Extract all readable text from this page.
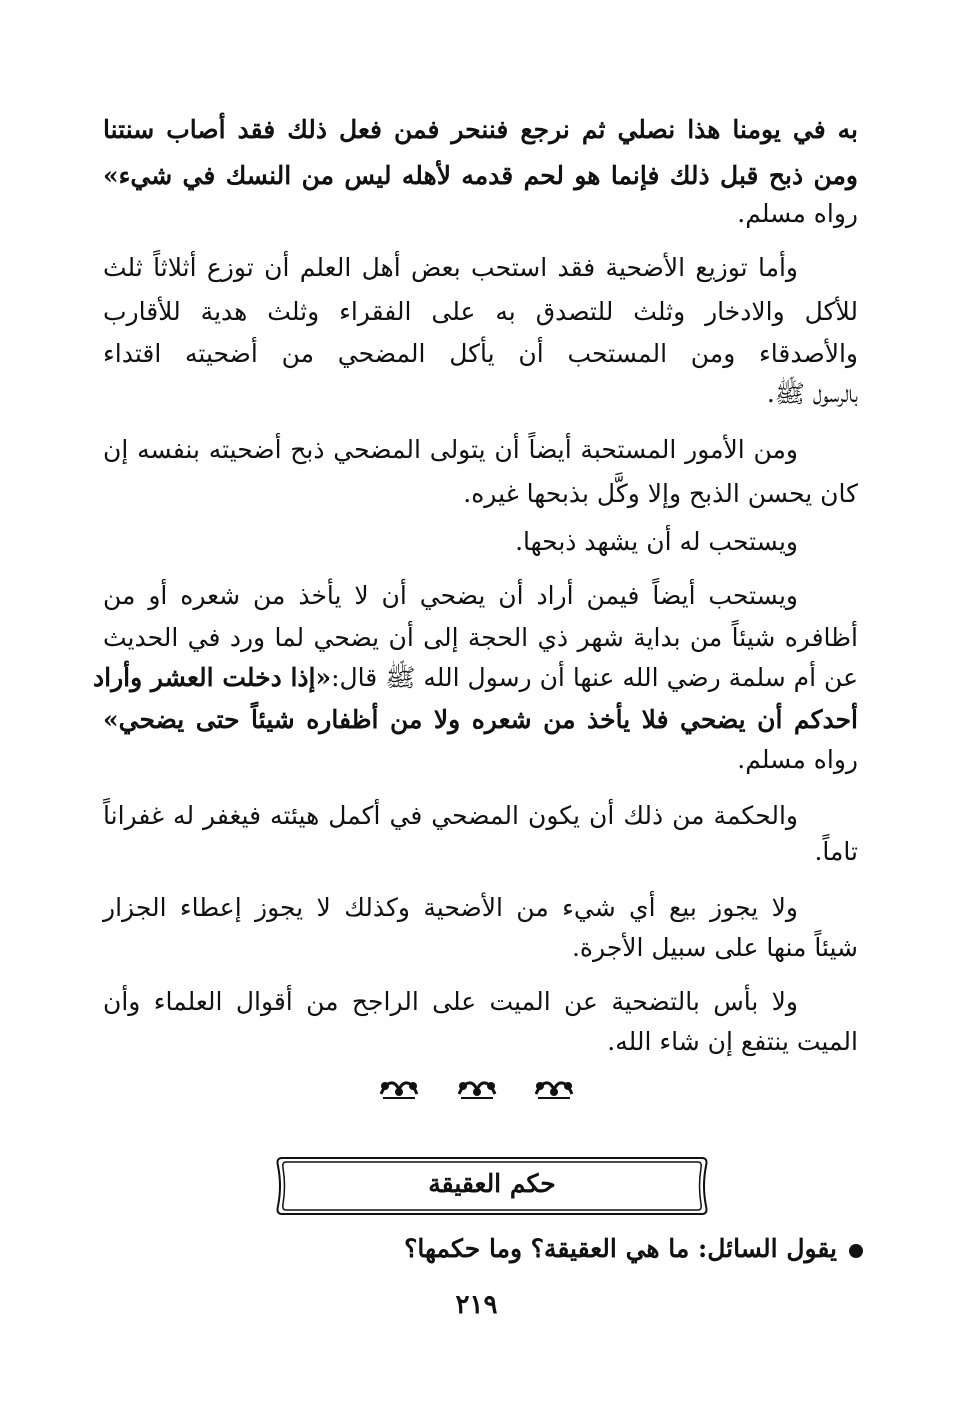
به في يومنا هذا نصلي ثم نرجع فننحر فمن فعل ذلك فقد أصاب سنتنا
ومن ذبح قبل ذلك فإنما هو لحم قدمه لأهله ليس من النسك في شيء»
رواه مسلم.
وأما توزيع الأضحية فقد استحب بعض أهل العلم أن توزع أثلاثاً ثلث
للأكل والادخار وثلث للتصدق به على الفقراء وثلث هدية للأقارب
والأصدقاء ومن المستحب أن يأكل المضحي من أضحيته اقتداء
بالرسول ﷺ.
ومن الأمور المستحبة أيضاً أن يتولى المضحي ذبح أضحيته بنفسه إن
كان يحسن الذبح وإلا وكَّل بذبحها غيره.
ويستحب له أن يشهد ذبحها.
ويستحب أيضاً فيمن أراد أن يضحي أن لا يأخذ من شعره أو من
أظافره شيئاً من بداية شهر ذي الحجة إلى أن يضحي لما ورد في الحديث
عن أم سلمة رضي الله عنها أن رسول الله ﷺ قال:
«إذا دخلت العشر وأراد
أحدكم أن يضحي فلا يأخذ من شعره ولا من أظفاره شيئاً حتى يضحي»
رواه مسلم.
والحكمة من ذلك أن يكون المضحي في أكمل هيئته فيغفر له غفراناً
تاماً.
ولا يجوز بيع أي شيء من الأضحية وكذلك لا يجوز إعطاء الجزار
شيئاً منها على سبيل الأجرة.
ولا بأس بالتضحية عن الميت على الراجح من أقوال العلماء وأن
الميت ينتفع إن شاء الله.

حكم العقيقة
يقول السائل: ما هي العقيقة؟ وما حكمها؟
٢١٩
